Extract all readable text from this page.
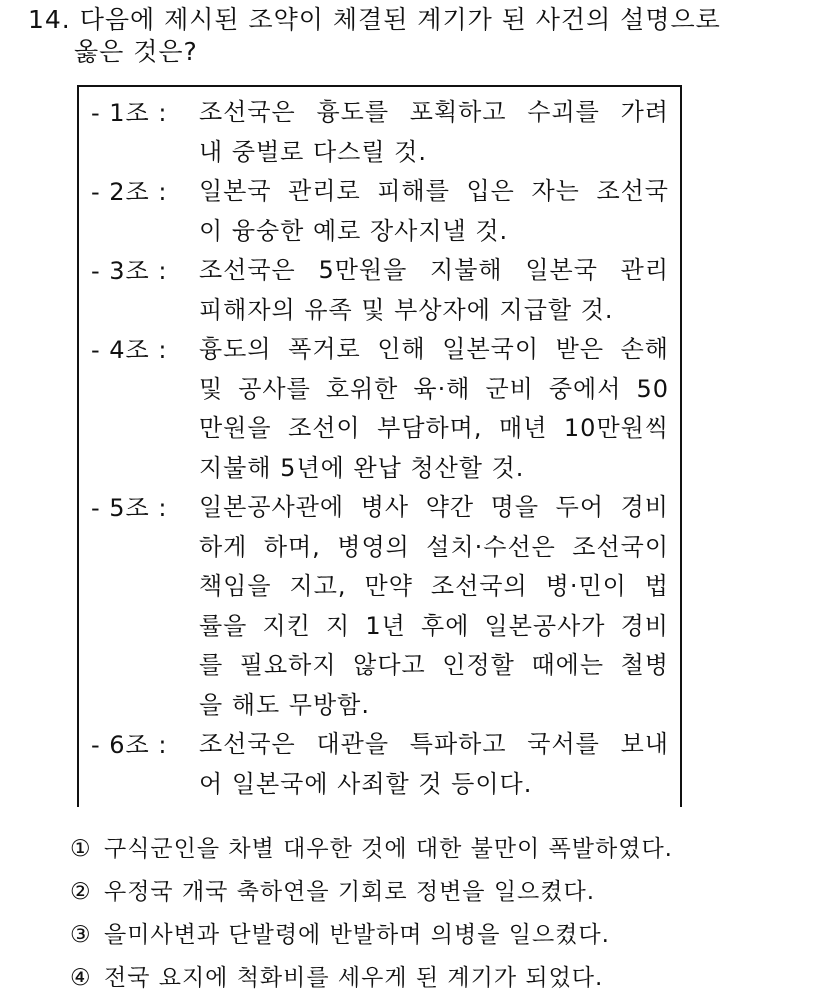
14. 다음에 제시된 조약이 체결된 계기가 된 사건의 설명으로
옳은 것은?
- 1조 : 조선국은 흉도를 포획하고 수괴를 가려
내 중벌로 다스릴 것.
- 2조 : 일본국 관리로 피해를 입은 자는 조선국
이 융숭한 예로 장사지낼 것.
- 3조 : 조선국은 5만원을 지불해 일본국 관리
피해자의 유족 및 부상자에 지급할 것.
- 4조 : 흉도의 폭거로 인해 일본국이 받은 손해
및 공사를 호위한 육·해 군비 중에서 50
만원을 조선이 부담하며, 매년 10만원씩
지불해 5년에 완납 청산할 것.
- 5조 : 일본공사관에 병사 약간 명을 두어 경비
하게 하며, 병영의 설치·수선은 조선국이
책임을 지고, 만약 조선국의 병·민이 법
률을 지킨 지 1년 후에 일본공사가 경비
를 필요하지 않다고 인정할 때에는 철병
을 해도 무방함.
- 6조 : 조선국은 대관을 특파하고 국서를 보내
어 일본국에 사죄할 것 등이다.
① 구식군인을 차별 대우한 것에 대한 불만이 폭발하였다.
② 우정국 개국 축하연을 기회로 정변을 일으켰다.
③ 을미사변과 단발령에 반발하며 의병을 일으켰다.
④ 전국 요지에 척화비를 세우게 된 계기가 되었다.
